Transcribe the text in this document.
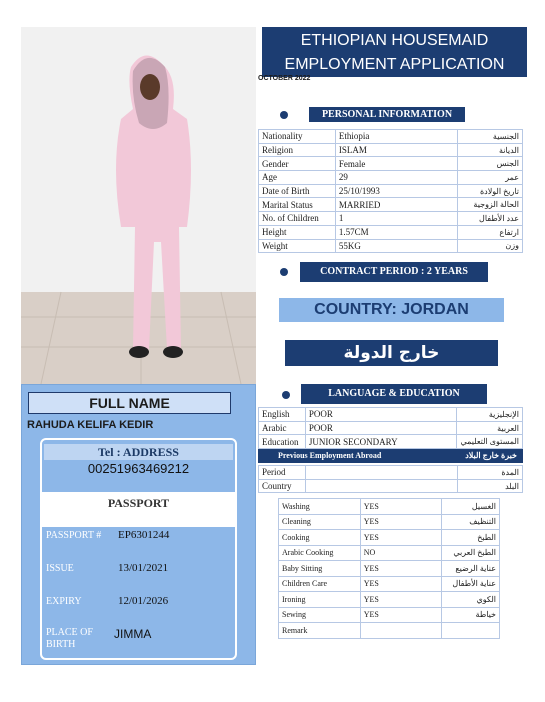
FULL NAME
RAHUDA KELIFA KEDIR
Tel : ADDRESS
00251963469212
PASSPORT
PASSPORT # EP6301244
ISSUE	13/01/2021
EXPIRY	12/01/2026
PLACE OF
BIRTH
JIMMA
ETHIOPIAN HOUSEMAID
EMPLOYMENT APPLICATION
OCTOBER 2022
PERSONAL INFORMATION
Nationality	Ethiopia	الجنسية
Religion	ISLAM	الديانة
Gender	Female	الجنس
Age	29	عمر
Date of Birth	25/10/1993	تاريخ الولادة
Marital Status	MARRIED	الحالة الزوجية
No. of Children	1	عدد الأطفال
Height	1.57CM	ارتفاع
Weight	55KG	وزن
CONTRACT PERIOD : 2 YEARS
COUNTRY: JORDAN
خارج الدولة
LANGUAGE & EDUCATION
English	POOR	الإنجليزية
Arabic	POOR	العربية
Education	JUNIOR SECONDARY	المستوى التعليمي
Previous Employment Abroad	خبرة خارج البلاد
Period		المدة
Country		البلد
Washing	YES	الغسيل
Cleaning	YES	التنظيف
Cooking	YES	الطبخ
Arabic Cooking	NO	الطبخ العربي
Baby Sitting	YES	عناية الرضيع
Children Care	YES	عناية الأطفال
Ironing	YES	الكوي
Sewing	YES	خياطة
Remark		
